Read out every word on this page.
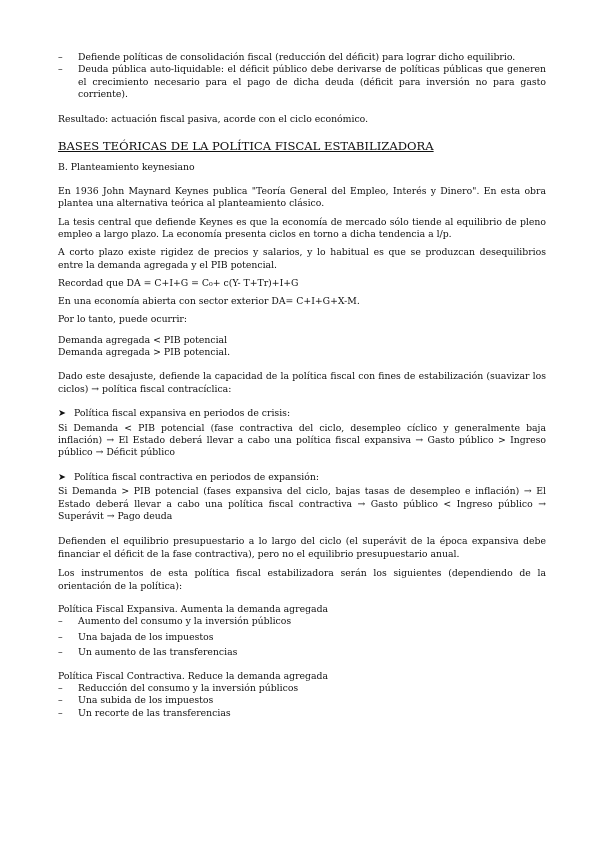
–	Defiende políticas de consolidación fiscal (reducción del déficit) para lograr dicho equilibrio.
–	Deuda pública auto-liquidable: el déficit público debe derivarse de políticas públicas que generen el crecimiento necesario para el pago de dicha deuda (déficit para inversión no para gasto corriente).

Resultado: actuación fiscal pasiva, acorde con el ciclo económico.

BASES TEÓRICAS DE LA POLÍTICA FISCAL ESTABILIZADORA

B. Planteamiento keynesiano

En 1936 John Maynard Keynes publica "Teoría General del Empleo, Interés y Dinero". En esta obra plantea una alternativa teórica al planteamiento clásico.

La tesis central que defiende Keynes es que la economía de mercado sólo tiende al equilibrio de pleno empleo a largo plazo. La economía presenta ciclos en torno a dicha tendencia a l/p.

A corto plazo existe rigidez de precios y salarios, y lo habitual es que se produzcan desequilibrios entre la demanda agregada y el PIB potencial.

Recordad que DA = C+I+G = C₀+ c(Y- T+Tr)+I+G

En una economía abierta con sector exterior DA= C+I+G+X-M.

Por lo tanto, puede ocurrir:

Demanda agregada < PIB potencial

Demanda agregada > PIB potencial.

Dado este desajuste, defiende la capacidad de la política fiscal con fines de estabilización (suavizar los ciclos) → política fiscal contracíclica:

➤ Política fiscal expansiva en periodos de crisis:

Si Demanda < PIB potencial (fase contractiva del ciclo, desempleo cíclico y generalmente baja inflación) → El Estado deberá llevar a cabo una política fiscal expansiva → Gasto público > Ingreso público → Déficit público

➤ Política fiscal contractiva en periodos de expansión:

Si Demanda > PIB potencial (fases expansiva del ciclo, bajas tasas de desempleo e inflación) → El Estado deberá llevar a cabo una política fiscal contractiva → Gasto público < Ingreso público → Superávit → Pago deuda

Defienden el equilibrio presupuestario a lo largo del ciclo (el superávit de la época expansiva debe financiar el déficit de la fase contractiva), pero no el equilibrio presupuestario anual.

Los instrumentos de esta política fiscal estabilizadora serán los siguientes (dependiendo de la orientación de la política):

Política Fiscal Expansiva. Aumenta la demanda agregada

–	Aumento del consumo y la inversión públicos
–	Una bajada de los impuestos
–	Un aumento de las transferencias

Política Fiscal Contractiva. Reduce la demanda agregada

–	Reducción del consumo y la inversión públicos
–	Una subida de los impuestos
–	Un recorte de las transferencias
